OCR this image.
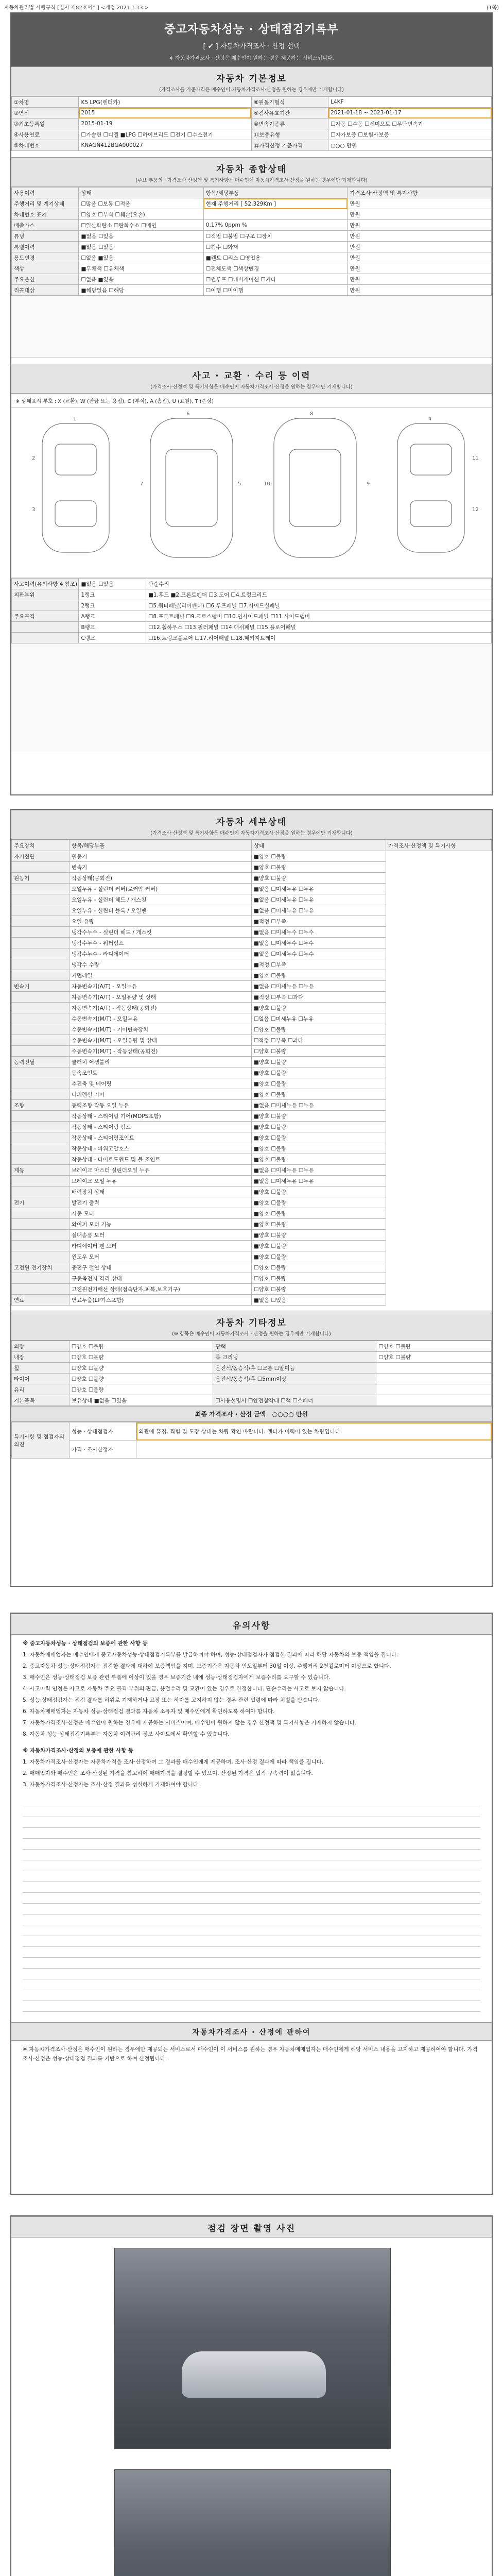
자동차관리법 시행규칙 [별지 제82호서식] <개정 2021.1.13.>	(1쪽)
중고자동차성능 · 상태점검기록부
[ ✔ ] 자동차가격조사 · 산정 선택
※ 자동차가격조사 · 산정은 매수인이 원하는 경우 제공하는 서비스입니다.
자동차 기본정보
(가격조사를 기준가격은 매수인이 자동차가격조사·산정을 원하는 경우에만 기재합니다)
①차명	K5 LPG(렌터카)	⑧원동기형식	L4KF
②연식	2015	⑨검사유효기간	2021-01-18 ~ 2023-01-17
③최초등록일	2015-01-19	⑩변속기종류	☐자동 ☐수동 ☐세미오토 ☐무단변속기
④사용연료	☐가솔린 ☐디젤 ■LPG ☐하이브리드 ☐전기 ☐수소전기	⑪보증유형	☐자가보증 ☐보험사보증
⑤차대번호	KNAGN412BGA000027	⑫가격산정 기준가격	○○○ 만원
자동차 종합상태
(주요 부품의 · 가격조사·산정액 및 특기사항은 매수인이 자동차가격조사·산정을 원하는 경우에만 기재합니다)
사용이력	상태	항목/해당부품	가격조사·산정액 및 특기사항
주행거리 및 계기상태	☐많음 ☐보통 ☐적음	현재 주행거리 [ 52,329Km ]	만원
차대번호 표기	☐양호 ☐부식 ☐훼손(오손)		만원
배출가스	☐일산화탄소 ☐탄화수소 ☐매연	0.17% 0ppm %	만원
튜닝	■없음 ☐있음	☐적법 ☐불법 ☐구조 ☐장치	만원
특별이력	■없음 ☐있음	☐침수 ☐화재	만원
용도변경	☐없음 ■있음	■렌트 ☐리스 ☐영업용	만원
색상	■무채색 ☐유채색	☐전체도색 ☐색상변경	만원
주요옵션	☐없음 ■있음	☐썬루프 ☐네비게이션 ☐기타	만원
리콜대상	■해당없음 ☐해당	☐이행 ☐미이행	만원
사고 · 교환 · 수리 등 이력
(가격조사·산정액 및 특기사항은 매수인이 자동차가격조사·산정을 원하는 경우에만 기재합니다)
※ 상태표시 부호 : X (교환), W (판금 또는 용접), C (부식), A (흠집), U (요철), T (손상)
1
2
3
6
7	5
8
9
10
4
11
12
사고이력(유의사항 4 참조)	■없음 ☐있음	단순수리	
외판부위	1랭크	■1.후드 ■2.프론트펜더 ☐3.도어 ☐4.트렁크리드	
	2랭크	☐5.쿼터패널(리어펜더) ☐6.루프패널 ☐7.사이드실패널	
주요골격	A랭크	☐8.프론트패널 ☐9.크로스멤버 ☐10.인사이드패널 ☐11.사이드멤버	
	B랭크	☐12.휠하우스 ☐13.필러패널 ☐14.대쉬패널 ☐15.플로어패널	
	C랭크	☐16.트렁크플로어 ☐17.리어패널 ☐18.패키지트레이	
자동차 세부상태
(가격조사·산정액 및 특기사항은 매수인이 자동차가격조사·산정을 원하는 경우에만 기재합니다)
주요장치	항목/해당부품	상태	가격조사·산정액 및 특기사항
자기진단	원동기	■양호 ☐불량	
	변속기	■양호 ☐불량	
원동기	작동상태(공회전)	■양호 ☐불량	
	오일누유 - 실린더 커버(로커암 커버)	■없음 ☐미세누유 ☐누유	
	오일누유 - 실린더 헤드 / 개스킷	■없음 ☐미세누유 ☐누유	
	오일누유 - 실린더 블록 / 오일팬	■없음 ☐미세누유 ☐누유	
	오일 유량	■적정 ☐부족	
	냉각수누수 - 실린더 헤드 / 개스킷	■없음 ☐미세누수 ☐누수	
	냉각수누수 - 워터펌프	■없음 ☐미세누수 ☐누수	
	냉각수누수 - 라디에이터	■없음 ☐미세누수 ☐누수	
	냉각수 수량	■적정 ☐부족	
	커먼레일	■양호 ☐불량	
변속기	자동변속기(A/T) - 오일누유	■없음 ☐미세누유 ☐누유	
	자동변속기(A/T) - 오일유량 및 상태	■적정 ☐부족 ☐과다	
	자동변속기(A/T) - 작동상태(공회전)	■양호 ☐불량	
	수동변속기(M/T) - 오일누유	☐없음 ☐미세누유 ☐누유	
	수동변속기(M/T) - 기어변속장치	☐양호 ☐불량	
	수동변속기(M/T) - 오일유량 및 상태	☐적정 ☐부족 ☐과다	
	수동변속기(M/T) - 작동상태(공회전)	☐양호 ☐불량	
동력전달	클러치 어셈블리	■양호 ☐불량	
	등속조인트	■양호 ☐불량	
	추진축 및 베어링	■양호 ☐불량	
	디퍼렌셜 기어	■양호 ☐불량	
조향	동력조향 작동 오일 누유	■없음 ☐미세누유 ☐누유	
	작동상태 - 스티어링 기어(MDPS포함)	■양호 ☐불량	
	작동상태 - 스티어링 펌프	■양호 ☐불량	
	작동상태 - 스티어링조인트	■양호 ☐불량	
	작동상태 - 파워고압호스	■양호 ☐불량	
	작동상태 - 타이로드엔드 및 볼 조인트	■양호 ☐불량	
제동	브레이크 마스터 실린더오일 누유	■없음 ☐미세누유 ☐누유	
	브레이크 오일 누유	■없음 ☐미세누유 ☐누유	
	배력장치 상태	■양호 ☐불량	
전기	발전기 출력	■양호 ☐불량	
	시동 모터	■양호 ☐불량	
	와이퍼 모터 기능	■양호 ☐불량	
	실내송풍 모터	■양호 ☐불량	
	라디에이터 팬 모터	■양호 ☐불량	
	윈도우 모터	■양호 ☐불량	
고전원 전기장치	충전구 절연 상태	☐양호 ☐불량	
	구동축전지 격리 상태	☐양호 ☐불량	
	고전원전기배선 상태(접속단자,피복,보호기구)	☐양호 ☐불량	
연료	연료누출(LP가스포함)	■없음 ☐있음	
자동차 기타정보
(※ 항목은 매수인이 자동차가격조사 · 산정을 원하는 경우에만 기재합니다)
외장	☐양호 ☐불량	광택	☐양호 ☐불량
내장	☐양호 ☐불량	룸 크리닝	☐양호 ☐불량
휠	☐양호 ☐불량	운전석/동승석/후 ☐크롬 ☐알미늄	
타이어	☐양호 ☐불량	운전석/동승석/후 ☐5mm이상	
유리	☐양호 ☐불량		
기본품목	보유상태 ■없음 ☐있음	☐사용설명서 ☐안전삼각대 ☐잭 ☐스패너	
최종 가격조사 · 산정 금액 ○○○○ 만원
특기사항 및 점검자의 의견	성능 · 상태점검자	외관에 흠집, 찍힘 및 도장 상태는 차량 확인 바랍니다. 렌터카 이력이 있는 차량입니다.
	가격 · 조사산정자	
유의사항

※ 중고자동차성능 · 상태점검의 보증에 관한 사항 등

1. 자동차매매업자는 매수인에게 중고자동차성능·상태점검기록부를 발급하여야 하며, 성능·상태점검자가 점검한 결과에 따라 해당 자동차의 보증 책임을 집니다.

2. 중고자동차 성능·상태점검자는 점검한 결과에 대하여 보증책임을 지며, 보증기간은 자동차 인도일부터 30일 이상, 주행거리 2천킬로미터 이상으로 합니다.

3. 매수인은 성능·상태점검 보증 관련 부품에 이상이 있을 경우 보증기간 내에 성능·상태점검자에게 보증수리를 요구할 수 있습니다.

4. 사고이력 인정은 사고로 자동차 주요 골격 부위의 판금, 용접수리 및 교환이 있는 경우로 한정합니다. 단순수리는 사고로 보지 않습니다.

5. 성능·상태점검자는 점검 결과를 허위로 기재하거나 고장 또는 하자를 고지하지 않는 경우 관련 법령에 따라 처벌을 받습니다.

6. 자동차매매업자는 자동차 성능·상태점검 결과를 자동차 소유자 및 매수인에게 확인하도록 하여야 합니다.

7. 자동차가격조사·산정은 매수인이 원하는 경우에 제공하는 서비스이며, 매수인이 원하지 않는 경우 산정액 및 특기사항은 기재하지 않습니다.

8. 자동차 성능·상태점검기록부는 자동차 이력관리 정보 사이트에서 확인할 수 있습니다.

※ 자동차가격조사·산정의 보증에 관한 사항 등

1. 자동차가격조사·산정자는 자동차가격을 조사·산정하여 그 결과를 매수인에게 제공하며, 조사·산정 결과에 따라 책임을 집니다.

2. 매매업자와 매수인은 조사·산정된 가격을 참고하여 매매가격을 결정할 수 있으며, 산정된 가격은 법적 구속력이 없습니다.

3. 자동차가격조사·산정자는 조사·산정 결과를 성실하게 기재하여야 합니다.

자동차가격조사 · 산정에 관하여
※ 자동차가격조사·산정은 매수인이 원하는 경우에만 제공되는 서비스로서 매수인이 이 서비스를 원하는 경우 자동차매매업자는 매수인에게 해당 서비스 내용을 고지하고 제공하여야 합니다. 가격조사·산정은 성능·상태점검 결과를 기반으로 하여 산정됩니다.
점검 장면 촬영 사진
